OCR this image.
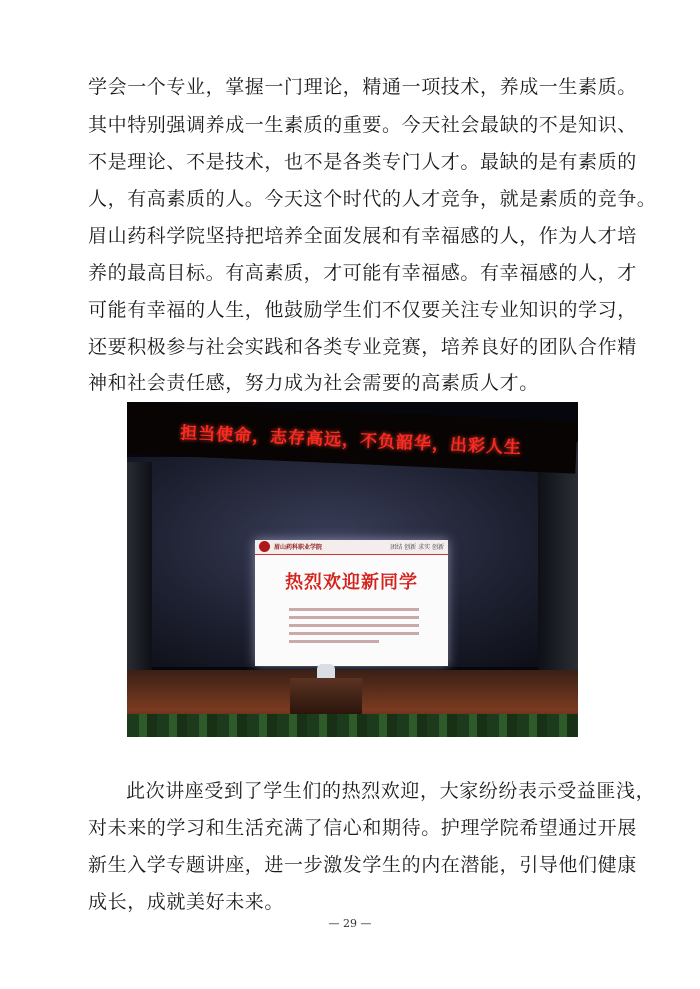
学会一个专业，掌握一门理论，精通一项技术，养成一生素质。
其中特别强调养成一生素质的重要。今天社会最缺的不是知识、
不是理论、不是技术，也不是各类专门人才。最缺的是有素质的
人，有高素质的人。今天这个时代的人才竞争，就是素质的竞争。
眉山药科学院坚持把培养全面发展和有幸福感的人，作为人才培
养的最高目标。有高素质，才可能有幸福感。有幸福感的人，才
可能有幸福的人生，他鼓励学生们不仅要关注专业知识的学习，
还要积极参与社会实践和各类专业竞赛，培养良好的团队合作精
神和社会责任感，努力成为社会需要的高素质人才。
担当使命，志存高远，不负韶华，出彩人生
眉山药科职业学院	团结 创新 求实 创新
热烈欢迎新同学
此次讲座受到了学生们的热烈欢迎，大家纷纷表示受益匪浅，
对未来的学习和生活充满了信心和期待。护理学院希望通过开展
新生入学专题讲座，进一步激发学生的内在潜能，引导他们健康
成长，成就美好未来。
— 29 —
